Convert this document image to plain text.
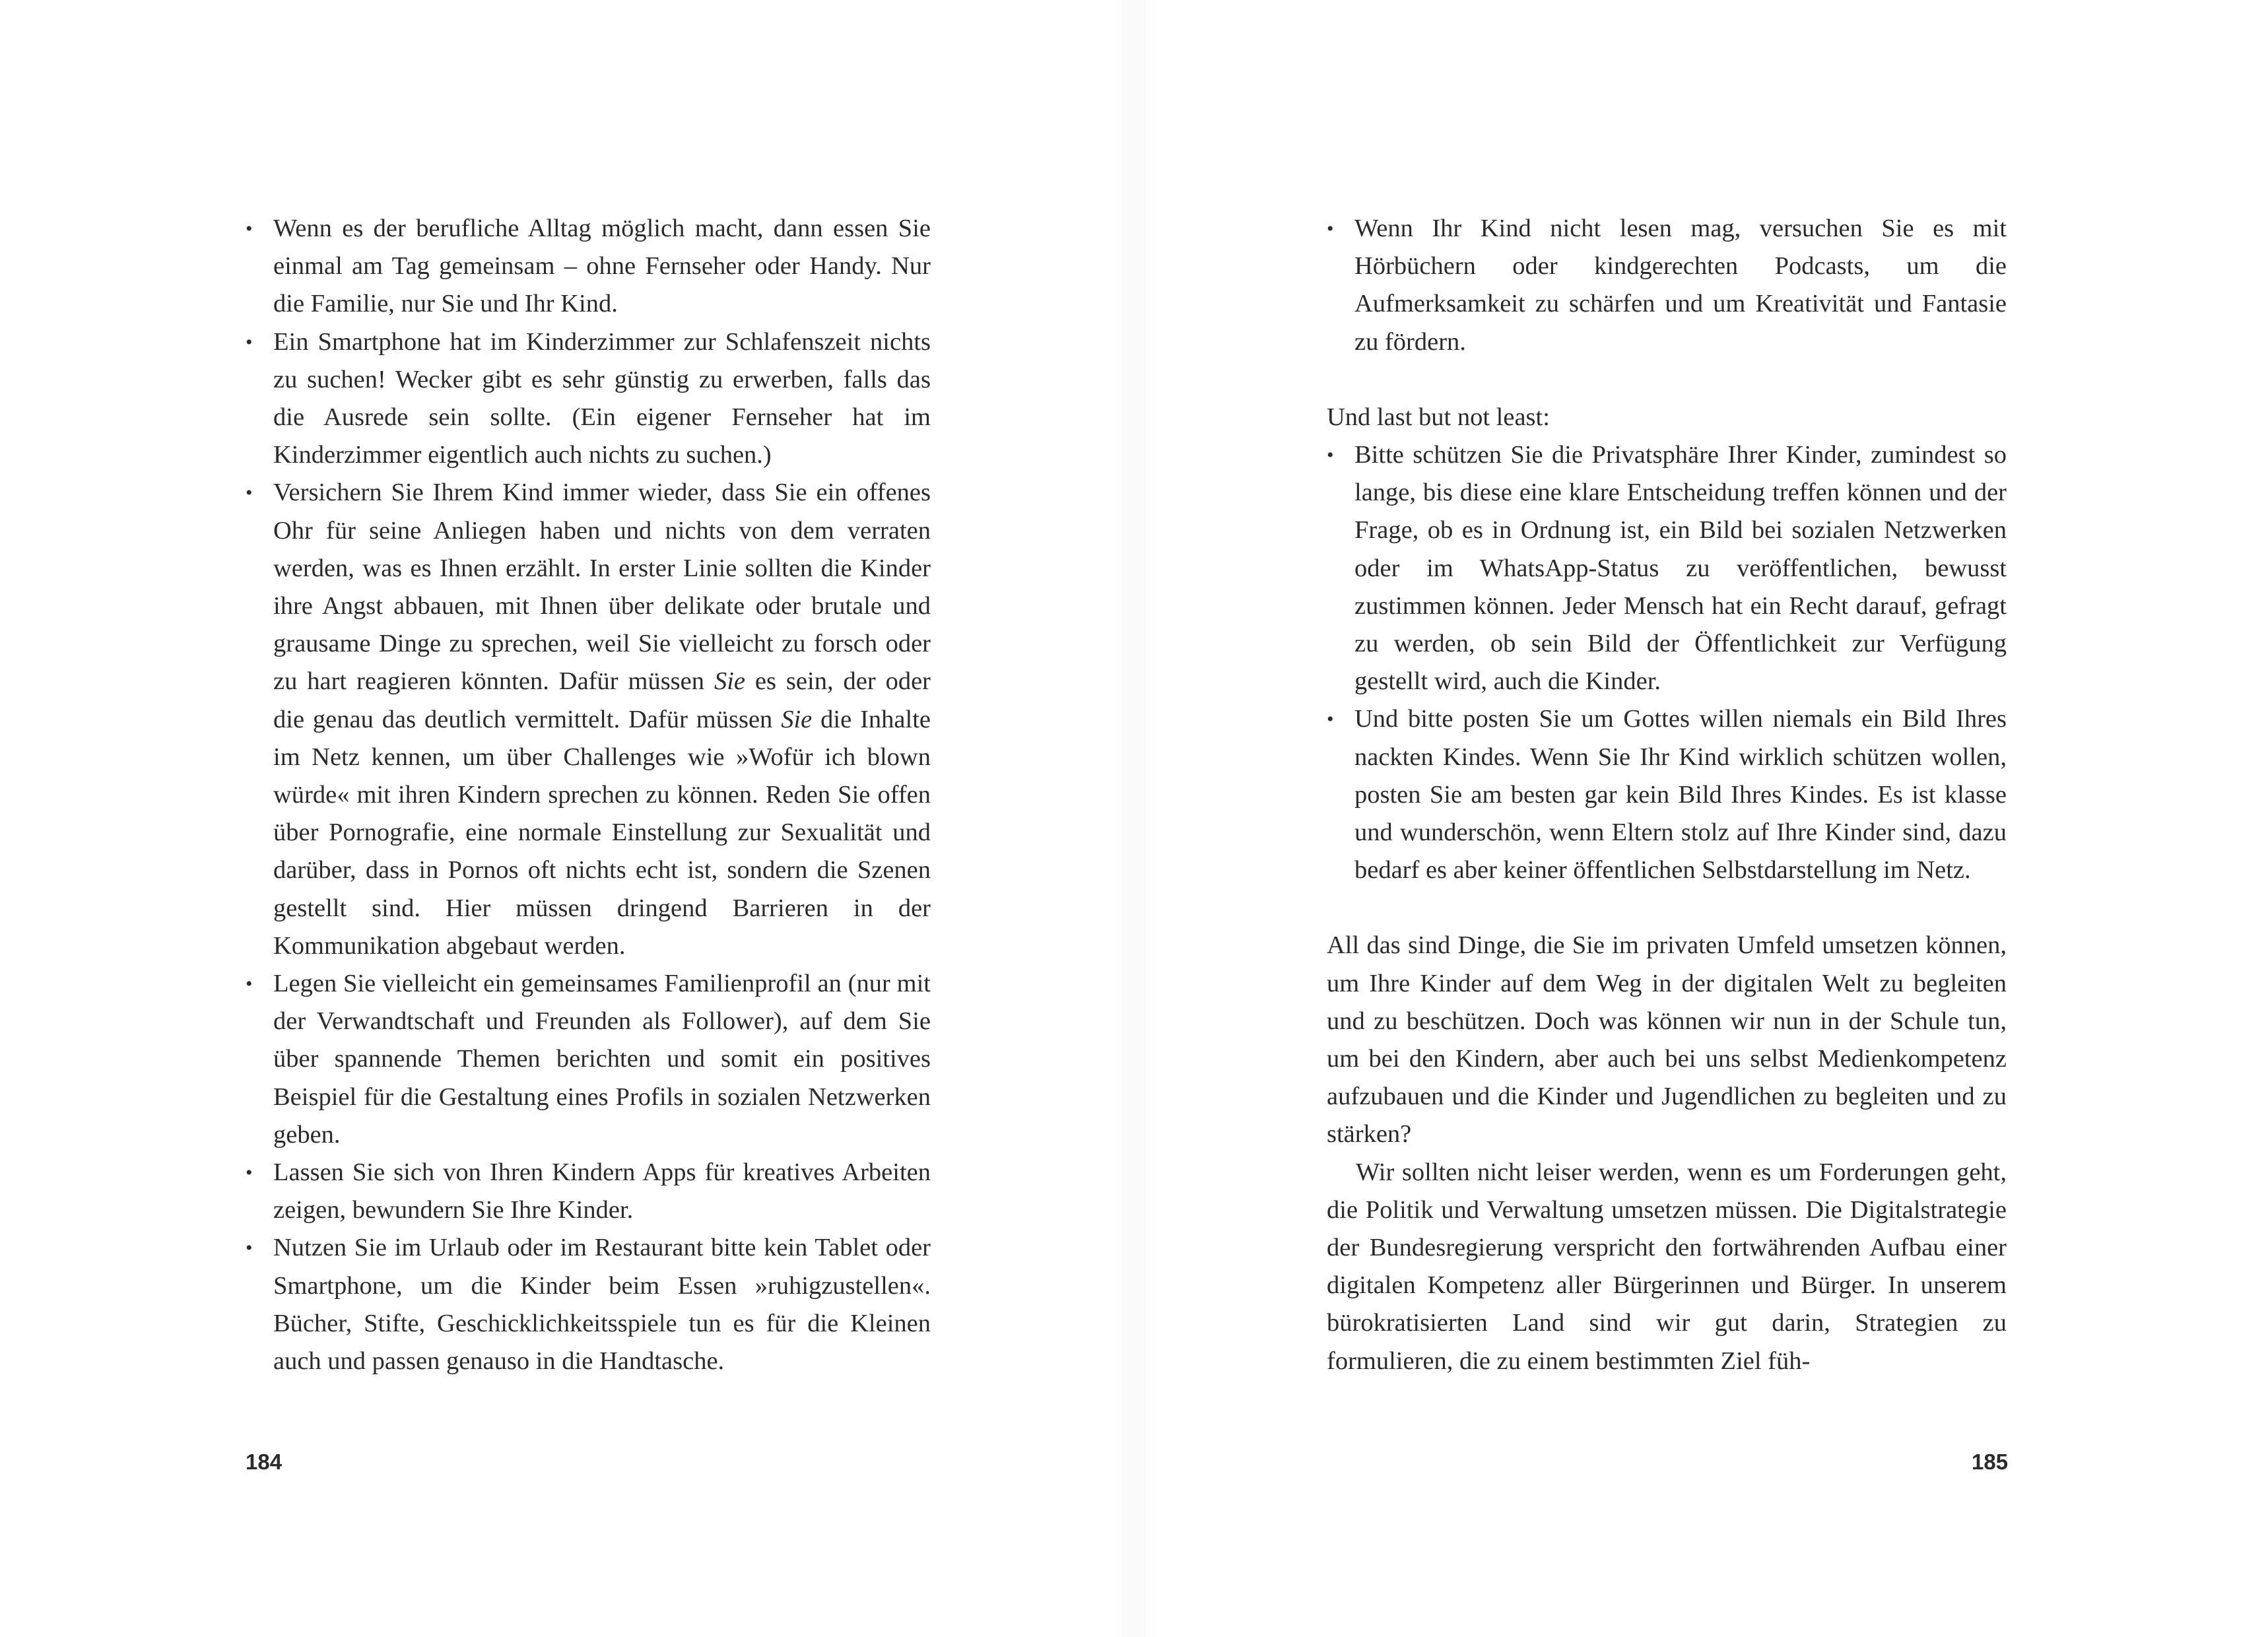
• Wenn es der berufliche Alltag möglich macht, dann essen Sie einmal am Tag gemeinsam – ohne Fernseher oder Handy. Nur die Familie, nur Sie und Ihr Kind.
• Ein Smartphone hat im Kinderzimmer zur Schlafenszeit nichts zu suchen! Wecker gibt es sehr günstig zu erwerben, falls das die Ausrede sein sollte. (Ein eigener Fernseher hat im Kinderzimmer eigentlich auch nichts zu suchen.)
• Versichern Sie Ihrem Kind immer wieder, dass Sie ein offenes Ohr für seine Anliegen haben und nichts von dem verraten werden, was es Ihnen erzählt. In erster Linie sollten die Kinder ihre Angst abbauen, mit Ihnen über delikate oder brutale und grausame Dinge zu sprechen, weil Sie vielleicht zu forsch oder zu hart reagieren könnten. Dafür müssen Sie es sein, der oder die genau das deutlich vermittelt. Dafür müssen Sie die Inhalte im Netz kennen, um über Challenges wie »Wofür ich blown würde« mit ihren Kindern sprechen zu können. Reden Sie offen über Pornografie, eine normale Einstellung zur Sexualität und darüber, dass in Pornos oft nichts echt ist, sondern die Szenen gestellt sind. Hier müssen dringend Barrieren in der Kommunikation abgebaut werden.
• Legen Sie vielleicht ein gemeinsames Familienprofil an (nur mit der Verwandtschaft und Freunden als Follower), auf dem Sie über spannende Themen berichten und somit ein positives Beispiel für die Gestaltung eines Profils in sozialen Netzwerken geben.
• Lassen Sie sich von Ihren Kindern Apps für kreatives Arbeiten zeigen, bewundern Sie Ihre Kinder.
• Nutzen Sie im Urlaub oder im Restaurant bitte kein Tablet oder Smartphone, um die Kinder beim Essen »ruhigzustellen«. Bücher, Stifte, Geschicklichkeitsspiele tun es für die Kleinen auch und passen genauso in die Handtasche.
184
• Wenn Ihr Kind nicht lesen mag, versuchen Sie es mit Hörbüchern oder kindgerechten Podcasts, um die Aufmerksamkeit zu schärfen und um Kreativität und Fantasie zu fördern.

Und last but not least:

• Bitte schützen Sie die Privatsphäre Ihrer Kinder, zumindest so lange, bis diese eine klare Entscheidung treffen können und der Frage, ob es in Ordnung ist, ein Bild bei sozialen Netzwerken oder im WhatsApp-Status zu veröffentlichen, bewusst zustimmen können. Jeder Mensch hat ein Recht darauf, gefragt zu werden, ob sein Bild der Öffentlichkeit zur Verfügung gestellt wird, auch die Kinder.
• Und bitte posten Sie um Gottes willen niemals ein Bild Ihres nackten Kindes. Wenn Sie Ihr Kind wirklich schützen wollen, posten Sie am besten gar kein Bild Ihres Kindes. Es ist klasse und wunderschön, wenn Eltern stolz auf Ihre Kinder sind, dazu bedarf es aber keiner öffentlichen Selbstdarstellung im Netz.

All das sind Dinge, die Sie im privaten Umfeld umsetzen können, um Ihre Kinder auf dem Weg in der digitalen Welt zu begleiten und zu beschützen. Doch was können wir nun in der Schule tun, um bei den Kindern, aber auch bei uns selbst Medienkompetenz aufzubauen und die Kinder und Jugendlichen zu begleiten und zu stärken?

Wir sollten nicht leiser werden, wenn es um Forderungen geht, die Politik und Verwaltung umsetzen müssen. Die Digitalstrategie der Bundesregierung verspricht den fortwährenden Aufbau einer digitalen Kompetenz aller Bürgerinnen und Bürger. In unserem bürokratisierten Land sind wir gut darin, Strategien zu formulieren, die zu einem bestimmten Ziel füh-

185
